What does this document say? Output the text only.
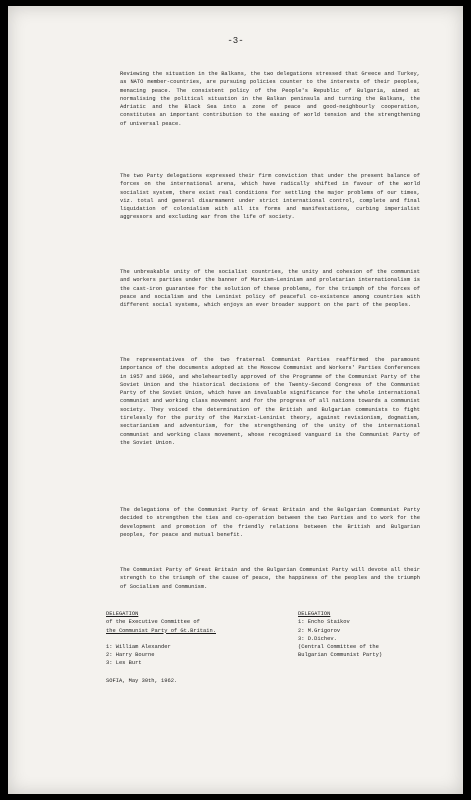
-3-

Reviewing the situation in the Balkans, the two delegations stressed that Greece and Turkey, as NATO member-countries, are pursuing policies counter to the interests of their peoples, menacing peace. The consistent policy of the People's Republic of Bulgaria, aimed at normalising the political situation in the Balkan peninsula and turning the Balkans, the Adriatic and the Black Sea into a zone of peace and good-neighbourly cooperation, constitutes an important contribution to the easing of world tension and the strengthening of universal peace.

The two Party delegations expressed their firm conviction that under the present balance of forces on the international arena, which have radically shifted in favour of the world socialist system, there exist real conditions for settling the major problems of our times, viz. total and general disarmament under strict international control, complete and final liquidation of colonialism with all its forms and manifestations, curbing imperialist aggressors and excluding war from the life of society.

The unbreakable unity of the socialist countries, the unity and cohesion of the communist and workers parties under the banner of Marxism-Leninism and proletarian internationalism is the cast-iron guarantee for the solution of these problems, for the triumph of the forces of peace and socialism and the Leninist policy of peaceful co-existence among countries with different social systems, which enjoys an ever broader support on the part of the peoples.

The representatives of the two fraternal Communist Parties reaffirmed the paramount importance of the documents adopted at the Moscow Communist and Workers' Parties Conferences in 1957 and 1960, and wholeheartedly approved of the Programme of the Communist Party of the Soviet Union and the historical decisions of the Twenty-Second Congress of the Communist Party of the Soviet Union, which have an invaluable significance for the whole international communist and working class movement and for the progress of all nations towards a communist society. They voiced the determination of the British and Bulgarian communists to fight tirelessly for the purity of the Marxist-Leninist theory, against revisionism, dogmatism, sectarianism and adventurism, for the strengthening of the unity of the international communist and working class movement, whose recognised vanguard is the Communist Party of the Soviet Union.

The delegations of the Communist Party of Great Britain and the Bulgarian Communist Party decided to strengthen the ties and co-operation between the two Parties and to work for the development and promotion of the friendly relations between the British and Bulgarian peoples, for peace and mutual benefit.

The Communist Party of Great Britain and the Bulgarian Communist Party will devote all their strength to the triumph of the cause of peace, the happiness of the peoples and the triumph of Socialism and Communism.

DELEGATION
of the Executive Committee of
the Communist Party of Gt.Britain.
1: William Alexander
2: Harry Bourne
3: Les Burt
DELEGATION
1: Encho Staikov
2: M.Grigorov
3: D.Dichev.
(Central Committee of the
Bulgarian Communist Party)
SOFIA, May 30th, 1962.
